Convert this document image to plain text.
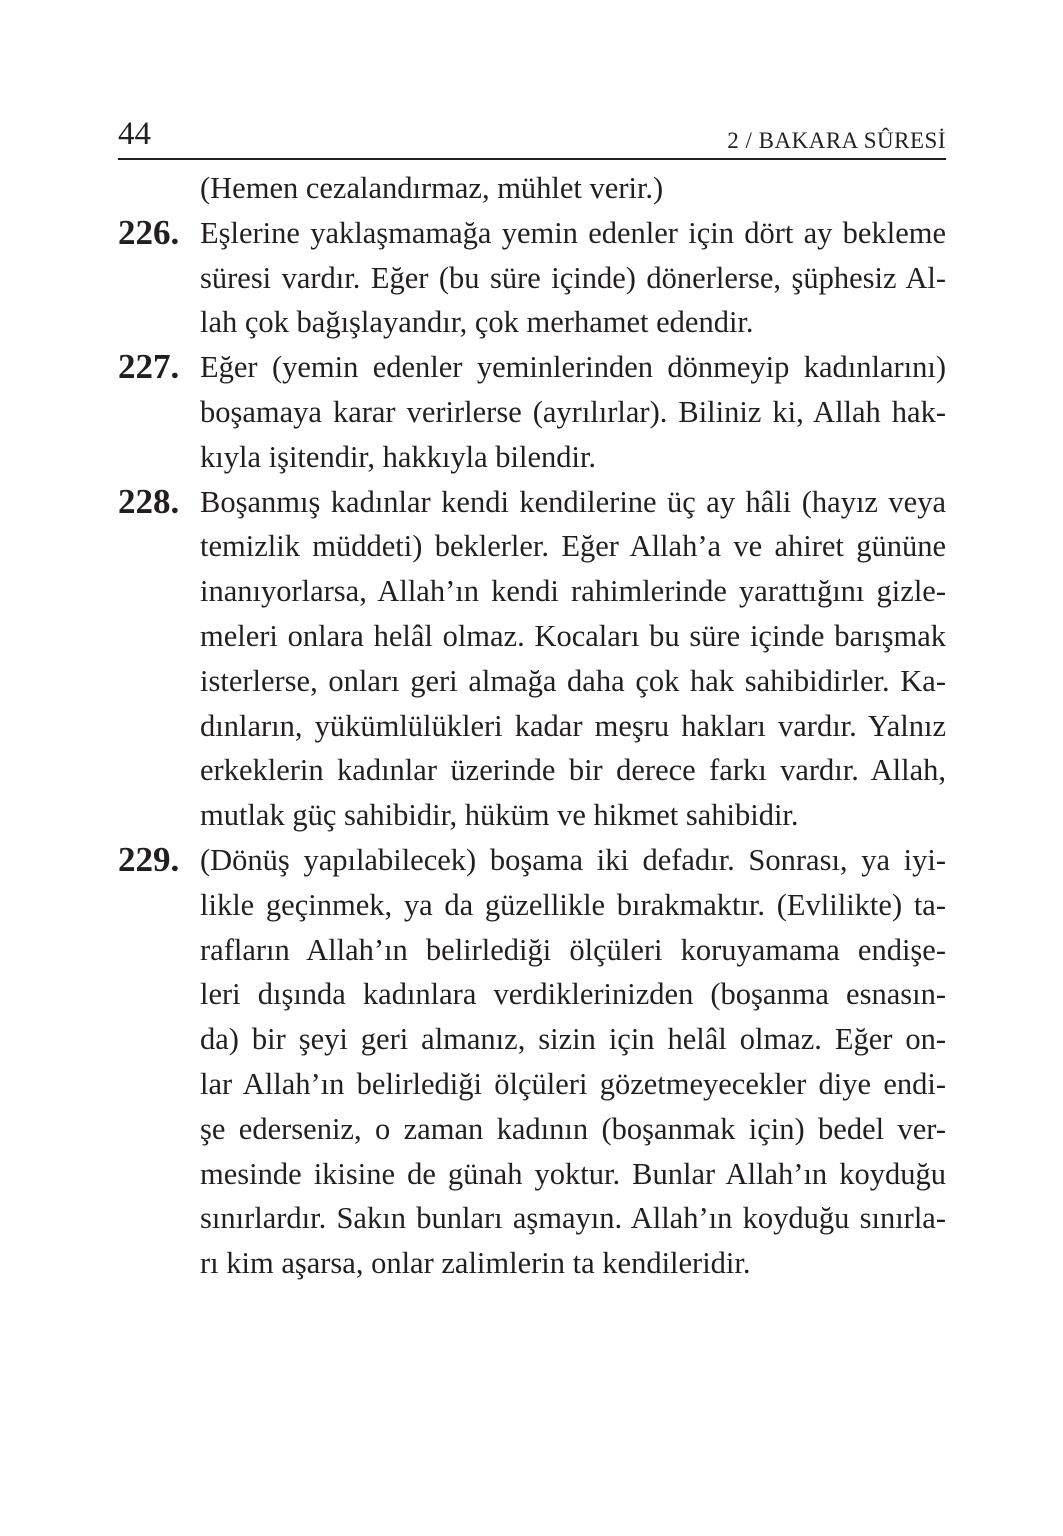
44	2 / BAKARA SÛRESİ
(Hemen cezalandırmaz, mühlet verir.)
226. Eşlerine yaklaşmamağa yemin edenler için dört ay bekleme
süresi vardır. Eğer (bu süre içinde) dönerlerse, şüphesiz Al-
lah çok bağışlayandır, çok merhamet edendir.
227. Eğer (yemin edenler yeminlerinden dönmeyip kadınlarını)
boşamaya karar verirlerse (ayrılırlar). Biliniz ki, Allah hak-
kıyla işitendir, hakkıyla bilendir.
228. Boşanmış kadınlar kendi kendilerine üç ay hâli (hayız veya
temizlik müddeti) beklerler. Eğer Allah’a ve ahiret gününe
inanıyorlarsa, Allah’ın kendi rahimlerinde yarattığını gizle-
meleri onlara helâl olmaz. Kocaları bu süre içinde barışmak
isterlerse, onları geri almağa daha çok hak sahibidirler. Ka-
dınların, yükümlülükleri kadar meşru hakları vardır. Yalnız
erkeklerin kadınlar üzerinde bir derece farkı vardır. Allah,
mutlak güç sahibidir, hüküm ve hikmet sahibidir.
229. (Dönüş yapılabilecek) boşama iki defadır. Sonrası, ya iyi-
likle geçinmek, ya da güzellikle bırakmaktır. (Evlilikte) ta-
rafların Allah’ın belirlediği ölçüleri koruyamama endişe-
leri dışında kadınlara verdiklerinizden (boşanma esnasın-
da) bir şeyi geri almanız, sizin için helâl olmaz. Eğer on-
lar Allah’ın belirlediği ölçüleri gözetmeyecekler diye endi-
şe ederseniz, o zaman kadının (boşanmak için) bedel ver-
mesinde ikisine de günah yoktur. Bunlar Allah’ın koyduğu
sınırlardır. Sakın bunları aşmayın. Allah’ın koyduğu sınırla-
rı kim aşarsa, onlar zalimlerin ta kendileridir.
